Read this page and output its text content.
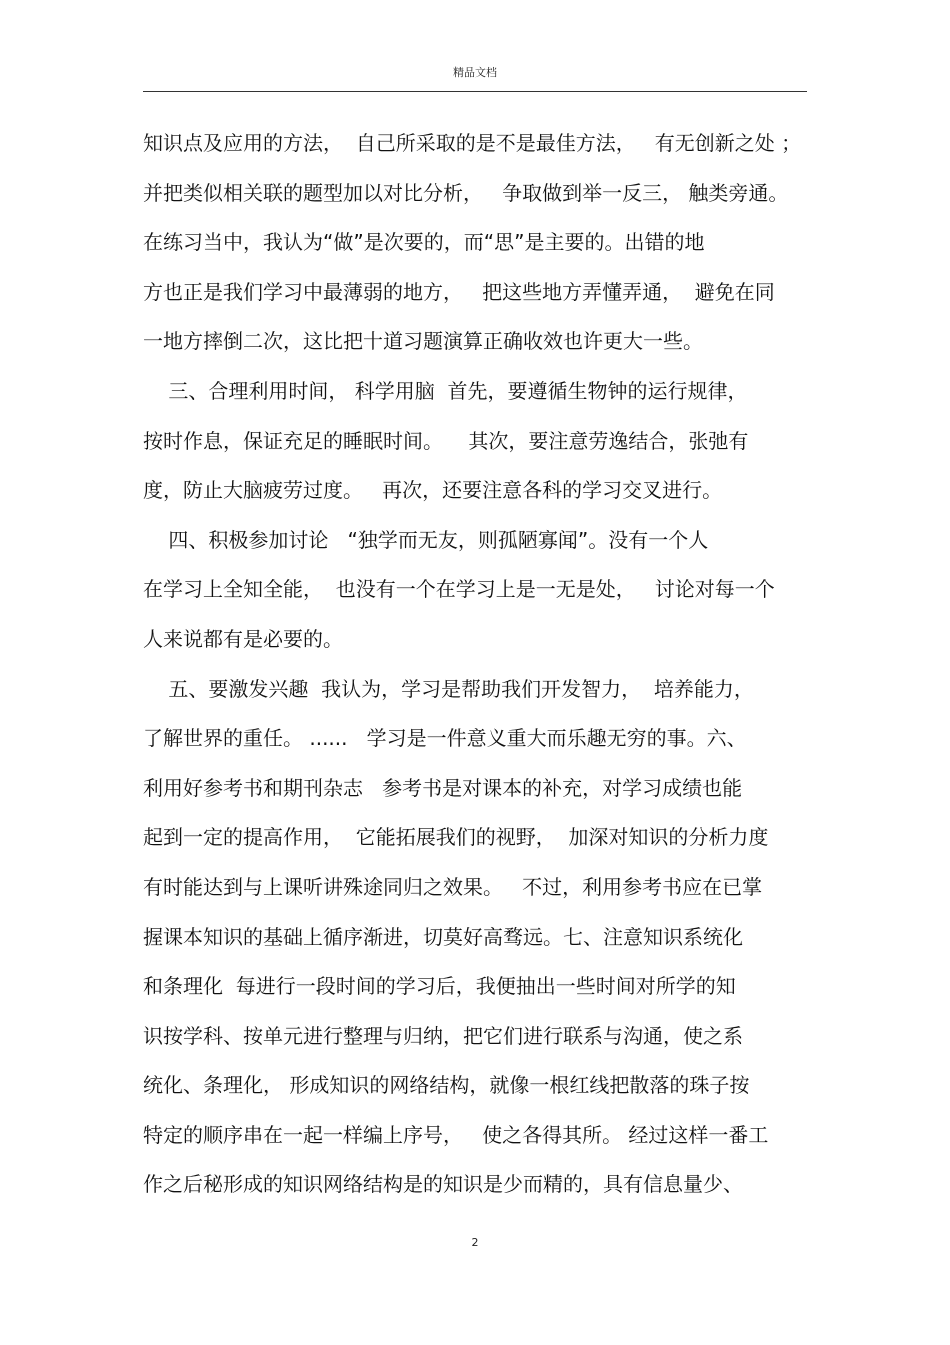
精品文档
知识点及应用的方法，  自己所采取的是不是最佳方法，   有无创新之处 ；
并把类似相关联的题型加以对比分析，   争取做到举一反三， 触类旁通。
在练习当中，我认为“做”是次要的，而“思”是主要的。出错的地
方也正是我们学习中最薄弱的地方，   把这些地方弄懂弄通，  避免在同
一地方摔倒二次，这比把十道习题演算正确收效也许更大一些。
三、合理利用时间， 科学用脑  首先，要遵循生物钟的运行规律，
按时作息，保证充足的睡眠时间。    其次，要注意劳逸结合，张弛有
度，防止大脑疲劳过度。   再次，还要注意各科的学习交叉进行。
四、积极参加讨论   “独学而无友，则孤陋寡闻”。没有一个人
在学习上全知全能，  也没有一个在学习上是一无是处，   讨论对每一个
人来说都有是必要的。
五、要激发兴趣  我认为，学习是帮助我们开发智力，  培养能力，
了解世界的重任。 ......   学习是一件意义重大而乐趣无穷的事。六、
利用好参考书和期刊杂志   参考书是对课本的补充，对学习成绩也能
起到一定的提高作用，  它能拓展我们的视野，  加深对知识的分析力度
有时能达到与上课听讲殊途同归之效果。   不过，利用参考书应在已掌
握课本知识的基础上循序渐进，切莫好高骛远。七、注意知识系统化
和条理化  每进行一段时间的学习后，我便抽出一些时间对所学的知
识按学科、按单元进行整理与归纳，把它们进行联系与沟通，使之系
统化、条理化， 形成知识的网络结构，就像一根红线把散落的珠子按
特定的顺序串在一起一样编上序号，   使之各得其所。 经过这样一番工
作之后秘形成的知识网络结构是的知识是少而精的，具有信息量少、
2
